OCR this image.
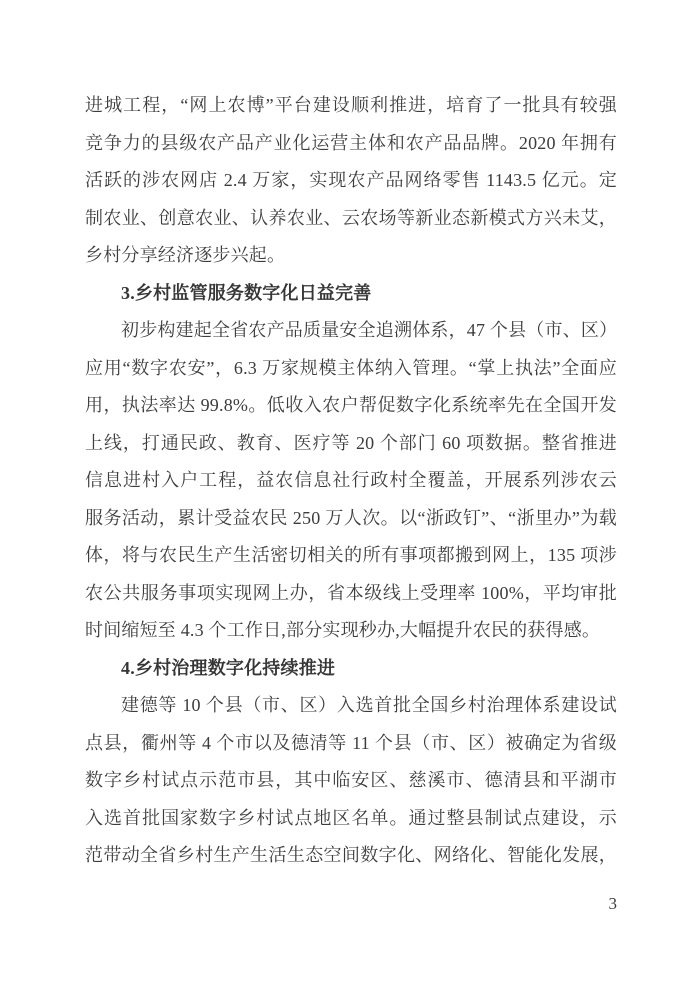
进城工程，“网上农博”平台建设顺利推进，培育了一批具有较强
竞争力的县级农产品产业化运营主体和农产品品牌。2020 年拥有
活跃的涉农网店 2.4 万家，实现农产品网络零售 1143.5 亿元。定
制农业、创意农业、认养农业、云农场等新业态新模式方兴未艾，
乡村分享经济逐步兴起。
3.乡村监管服务数字化日益完善
初步构建起全省农产品质量安全追溯体系，47 个县（市、区）
应用“数字农安”，6.3 万家规模主体纳入管理。“掌上执法”全面应
用，执法率达 99.8%。低收入农户帮促数字化系统率先在全国开发
上线，打通民政、教育、医疗等 20 个部门 60 项数据。整省推进
信息进村入户工程，益农信息社行政村全覆盖，开展系列涉农云
服务活动，累计受益农民 250 万人次。以“浙政钉”、“浙里办”为载
体，将与农民生产生活密切相关的所有事项都搬到网上，135 项涉
农公共服务事项实现网上办，省本级线上受理率 100%，平均审批
时间缩短至 4.3 个工作日,部分实现秒办,大幅提升农民的获得感。
4.乡村治理数字化持续推进
建德等 10 个县（市、区）入选首批全国乡村治理体系建设试
点县，衢州等 4 个市以及德清等 11 个县（市、区）被确定为省级
数字乡村试点示范市县，其中临安区、慈溪市、德清县和平湖市
入选首批国家数字乡村试点地区名单。通过整县制试点建设，示
范带动全省乡村生产生活生态空间数字化、网络化、智能化发展，
3
